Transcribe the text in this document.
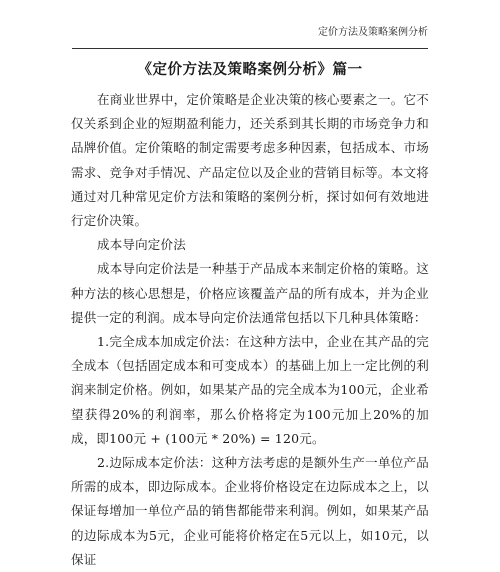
定价方法及策略案例分析
《定价方法及策略案例分析》篇一

在商业世界中，定价策略是企业决策的核心要素之一。它不仅关系到企业的短期盈利能力，还关系到其长期的市场竞争力和品牌价值。定价策略的制定需要考虑多种因素，包括成本、市场需求、竞争对手情况、产品定位以及企业的营销目标等。本文将通过对几种常见定价方法和策略的案例分析，探讨如何有效地进行定价决策。

成本导向定价法

成本导向定价法是一种基于产品成本来制定价格的策略。这种方法的核心思想是，价格应该覆盖产品的所有成本，并为企业提供一定的利润。成本导向定价法通常包括以下几种具体策略：

1.完全成本加成定价法：在这种方法中，企业在其产品的完全成本（包括固定成本和可变成本）的基础上加上一定比例的利润来制定价格。例如，如果某产品的完全成本为100元，企业希望获得20%的利润率，那么价格将定为100元加上20%的加成，即100元 + (100元 * 20%) = 120元。

2.边际成本定价法：这种方法考虑的是额外生产一单位产品所需的成本，即边际成本。企业将价格设定在边际成本之上，以保证每增加一单位产品的销售都能带来利润。例如，如果某产品的边际成本为5元，企业可能将价格定在5元以上，如10元，以保证
